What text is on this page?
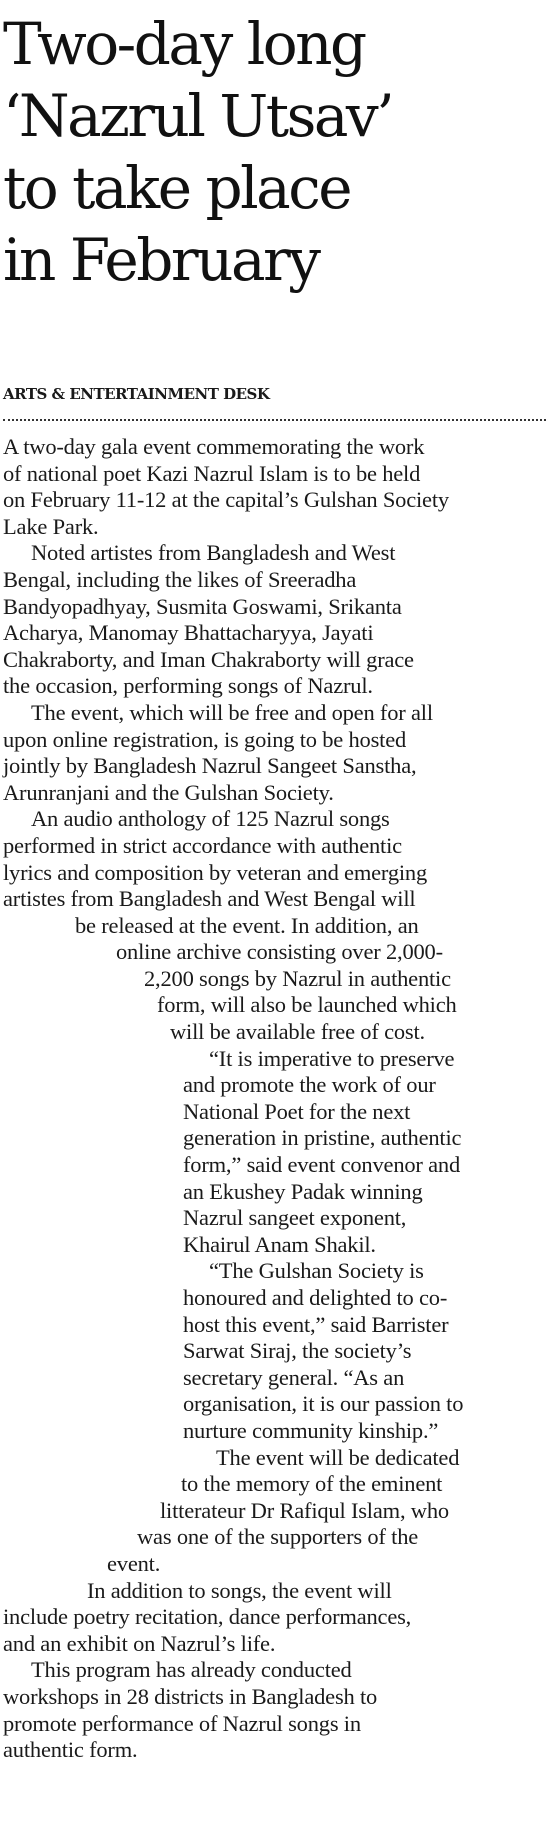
Two-day long
‘Nazrul Utsav’
to take place
in February
ARTS & ENTERTAINMENT DESK
A two-day gala event commemorating the work
of national poet Kazi Nazrul Islam is to be held
on February 11-12 at the capital’s Gulshan Society
Lake Park.
Noted artistes from Bangladesh and West
Bengal, including the likes of Sreeradha
Bandyopadhyay, Susmita Goswami, Srikanta
Acharya, Manomay Bhattacharyya, Jayati
Chakraborty, and Iman Chakraborty will grace
the occasion, performing songs of Nazrul.
The event, which will be free and open for all
upon online registration, is going to be hosted
jointly by Bangladesh Nazrul Sangeet Sanstha,
Arunranjani and the Gulshan Society.
An audio anthology of 125 Nazrul songs
performed in strict accordance with authentic
lyrics and composition by veteran and emerging
artistes from Bangladesh and West Bengal will
be released at the event. In addition, an
online archive consisting over 2,000-
2,200 songs by Nazrul in authentic
form, will also be launched which
will be available free of cost.
“It is imperative to preserve
and promote the work of our
National Poet for the next
generation in pristine, authentic
form,” said event convenor and
an Ekushey Padak winning
Nazrul sangeet exponent,
Khairul Anam Shakil.
“The Gulshan Society is
honoured and delighted to co-
host this event,” said Barrister
Sarwat Siraj, the society’s
secretary general. “As an
organisation, it is our passion to
nurture community kinship.”
The event will be dedicated
to the memory of the eminent
litterateur Dr Rafiqul Islam, who
was one of the supporters of the
event.
In addition to songs, the event will
include poetry recitation, dance performances,
and an exhibit on Nazrul’s life.
This program has already conducted
workshops in 28 districts in Bangladesh to
promote performance of Nazrul songs in
authentic form.
